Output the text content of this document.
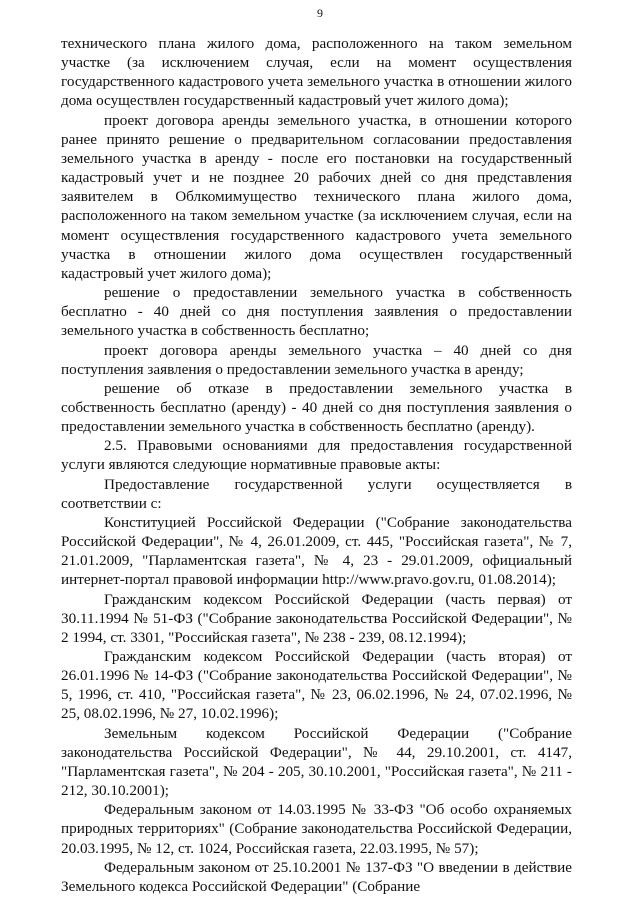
9

технического плана жилого дома, расположенного на таком земельном участке (за исключением случая, если на момент осуществления государственного кадастрового учета земельного участка в отношении жилого дома осуществлен государственный кадастровый учет жилого дома);

проект договора аренды земельного участка, в отношении которого ранее принято решение о предварительном согласовании предоставления земельного участка в аренду - после его постановки на государственный кадастровый учет и не позднее 20 рабочих дней со дня представления заявителем в Облкомимущество технического плана жилого дома, расположенного на таком земельном участке (за исключением случая, если на момент осуществления государственного кадастрового учета земельного участка в отношении жилого дома осуществлен государственный кадастровый учет жилого дома);

решение о предоставлении земельного участка в собственность бесплатно - 40 дней со дня поступления заявления о предоставлении земельного участка в собственность бесплатно;

проект договора аренды земельного участка – 40 дней со дня поступления заявления о предоставлении земельного участка в аренду;

решение об отказе в предоставлении земельного участка в собственность бесплатно (аренду) - 40 дней со дня поступления заявления о предоставлении земельного участка в собственность бесплатно (аренду).

2.5. Правовыми основаниями для предоставления государственной услуги являются следующие нормативные правовые акты:

Предоставление государственной услуги осуществляется в соответствии с:

Конституцией Российской Федерации ("Собрание законодательства Российской Федерации", № 4, 26.01.2009, ст. 445, "Российская газета", № 7, 21.01.2009, "Парламентская газета", № 4, 23 - 29.01.2009, официальный интернет-портал правовой информации http://www.pravo.gov.ru, 01.08.2014);

Гражданским кодексом Российской Федерации (часть первая) от 30.11.1994 № 51-ФЗ ("Собрание законодательства Российской Федерации", № 2 1994, ст. 3301, "Российская газета", № 238 - 239, 08.12.1994);

Гражданским кодексом Российской Федерации (часть вторая) от 26.01.1996 № 14-ФЗ ("Собрание законодательства Российской Федерации", № 5, 1996, ст. 410, "Российская газета", № 23, 06.02.1996, № 24, 07.02.1996, № 25, 08.02.1996, № 27, 10.02.1996);

Земельным кодексом Российской Федерации ("Собрание законодательства Российской Федерации", № 44, 29.10.2001, ст. 4147, "Парламентская газета", № 204 - 205, 30.10.2001, "Российская газета", № 211 - 212, 30.10.2001);

Федеральным законом от 14.03.1995 № 33-ФЗ "Об особо охраняемых природных территориях" (Собрание законодательства Российской Федерации, 20.03.1995, № 12, ст. 1024, Российская газета, 22.03.1995, № 57);

Федеральным законом от 25.10.2001 № 137-ФЗ "О введении в действие Земельного кодекса Российской Федерации" (Собрание
